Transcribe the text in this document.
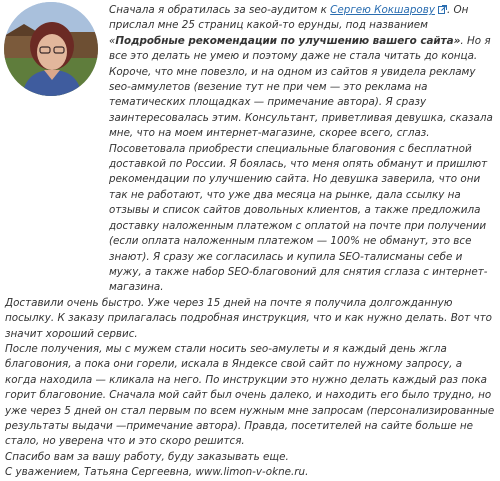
Сначала я обратилась за seo-аудитом к Сергею Кокшарову . Он прислал мне 25 страниц какой-то ерунды, под названием «Подробные рекомендации по улучшению вашего сайта». Но я все это делать не умею и поэтому даже не стала читать до конца. Короче, что мне повезло, и на одном из сайтов я увидела рекламу seo-аммулетов (везение тут не при чем — это реклама на тематических площадках — примечание автора). Я сразу заинтересовалась этим. Консультант, приветливая девушка, сказала мне, что на моем интернет-магазине, скорее всего, сглаз. Посоветовала приобрести специальные благовония с бесплатной доставкой по России. Я боялась, что меня опять обманут и пришлют рекомендации по улучшению сайта. Но девушка заверила, что они так не работают, что уже два месяца на рынке, дала ссылку на отзывы и список сайтов довольных клиентов, а также предложила доставку наложенным платежом с оплатой на почте при получении (если оплата наложенным платежом — 100% не обманут, это все знают). Я сразу же согласилась и купила SEO-талисманы себе и мужу, а также набор SEO-благовоний для снятия сглаза с интернет-магазина.

Доставили очень быстро. Уже через 15 дней на почте я получила долгожданную посылку. К заказу прилагалась подробная инструкция, что и как нужно делать. Вот что значит хороший сервис.

После получения, мы с мужем стали носить seo-амулеты и я каждый день жгла благовония, а пока они горели, искала в Яндексе свой сайт по нужному запросу, а когда находила — кликала на него. По инструкции это нужно делать каждый раз пока горит благовоние. Сначала мой сайт был очень далеко, и находить его было трудно, но уже через 5 дней он стал первым по всем нужным мне запросам (персонализированные результаты выдачи —примечание автора). Правда, посетителей на сайте больше не стало, но уверена что и это скоро решится.

Спасибо вам за вашу работу, буду заказывать еще.

С уважением, Татьяна Сергеевна, www.limon-v-okne.ru.
